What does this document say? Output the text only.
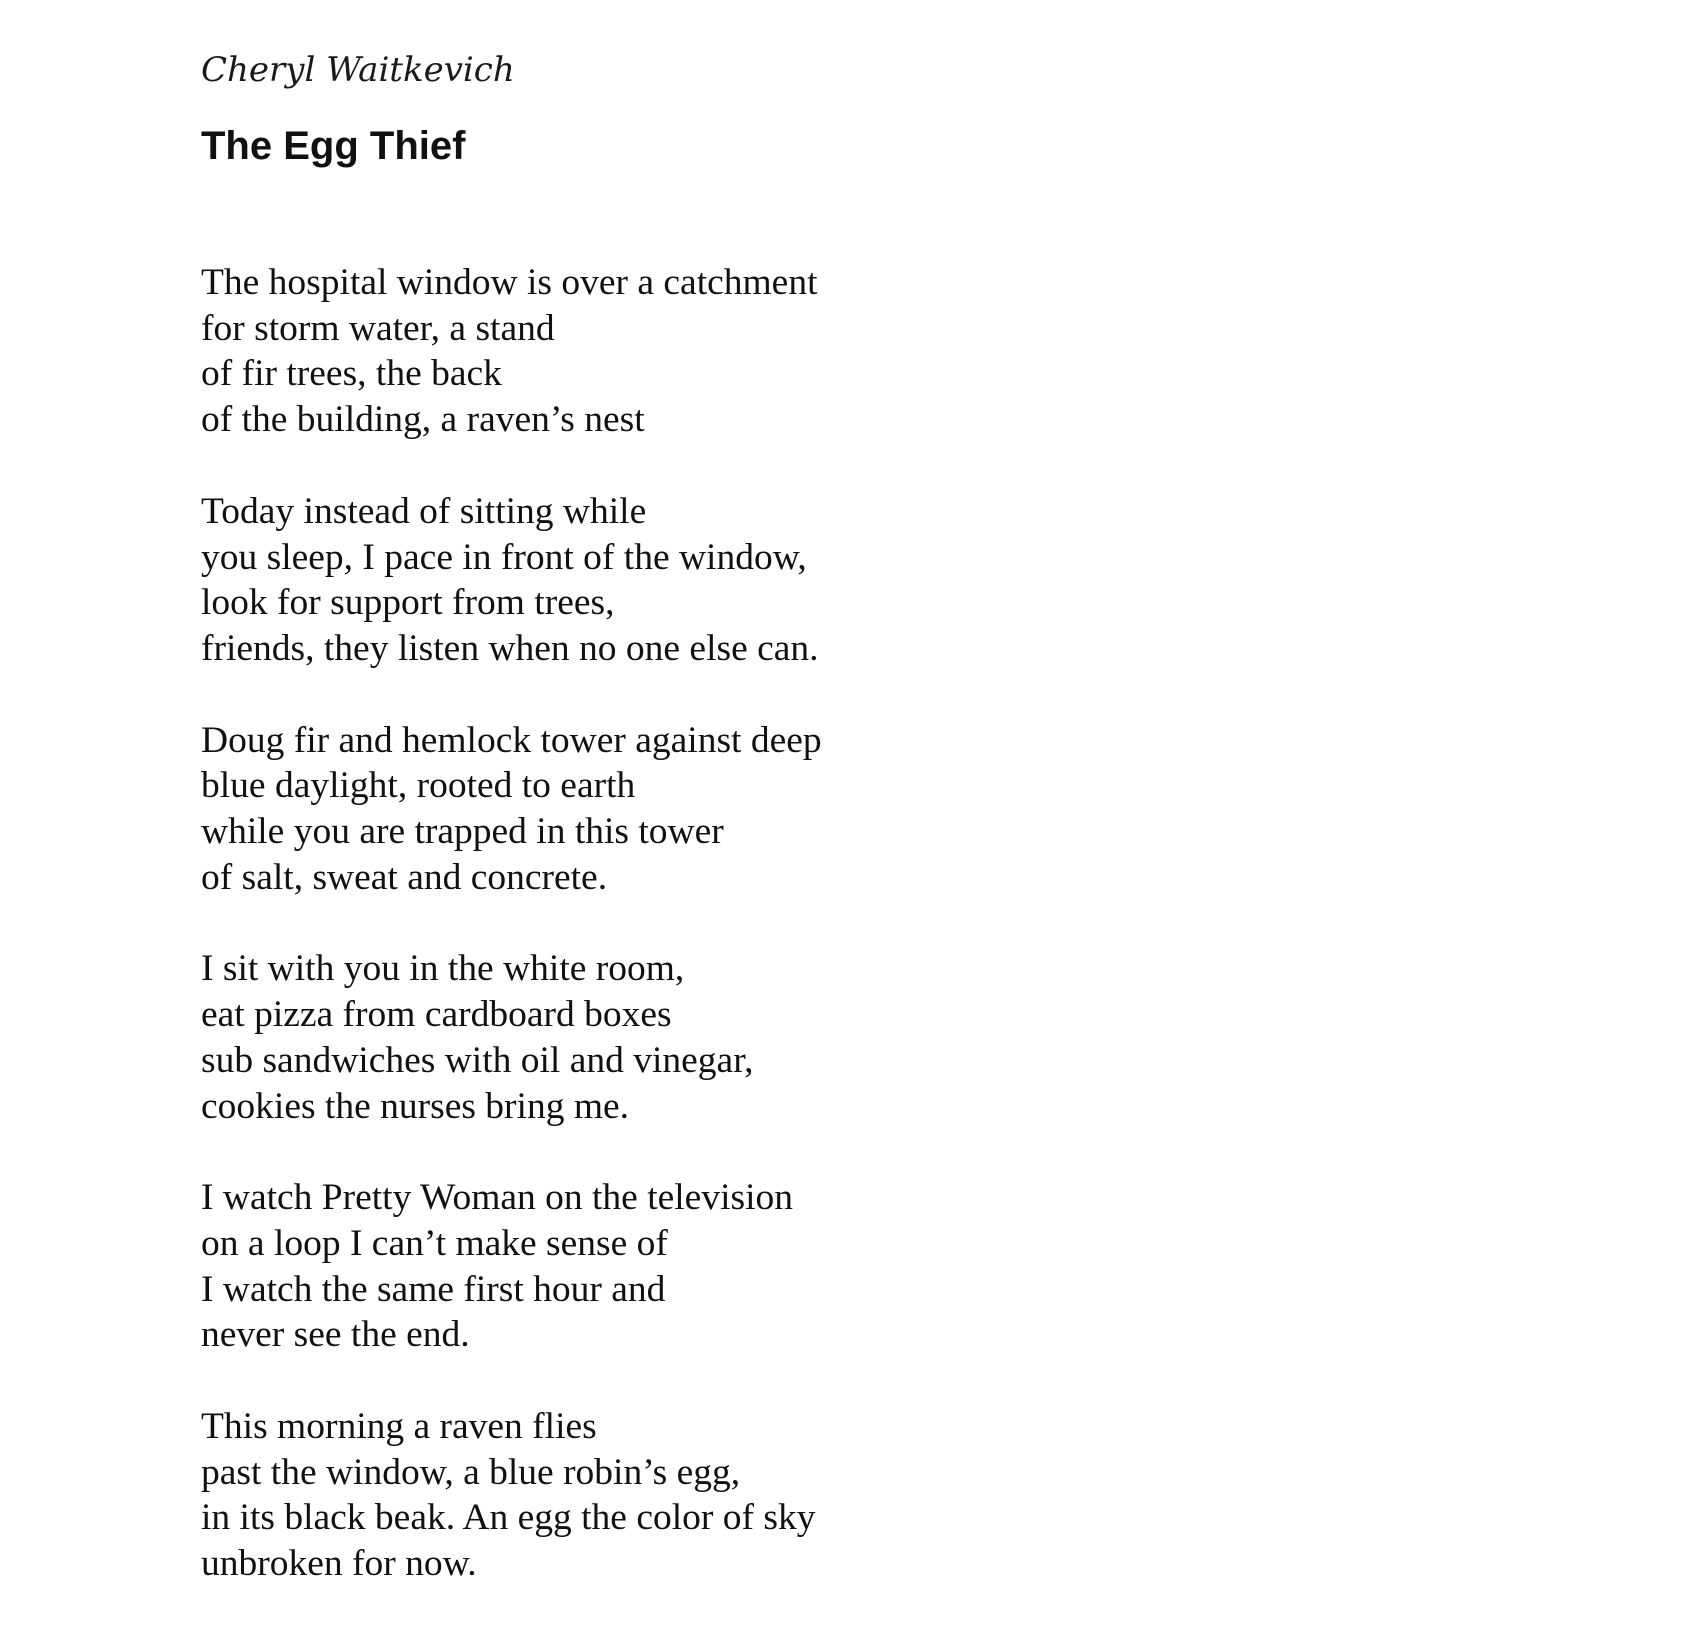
Cheryl Waitkevich

The Egg Thief
The hospital window is over a catchment
for storm water, a stand
of fir trees, the back
of the building, a raven’s nest
Today instead of sitting while
you sleep, I pace in front of the window,
look for support from trees,
friends, they listen when no one else can.
Doug fir and hemlock tower against deep
blue daylight, rooted to earth
while you are trapped in this tower
of salt, sweat and concrete.
I sit with you in the white room,
eat pizza from cardboard boxes
sub sandwiches with oil and vinegar,
cookies the nurses bring me.
I watch Pretty Woman on the television
on a loop I can’t make sense of
I watch the same first hour and
never see the end.
This morning a raven flies
past the window, a blue robin’s egg,
in its black beak. An egg the color of sky
unbroken for now.
